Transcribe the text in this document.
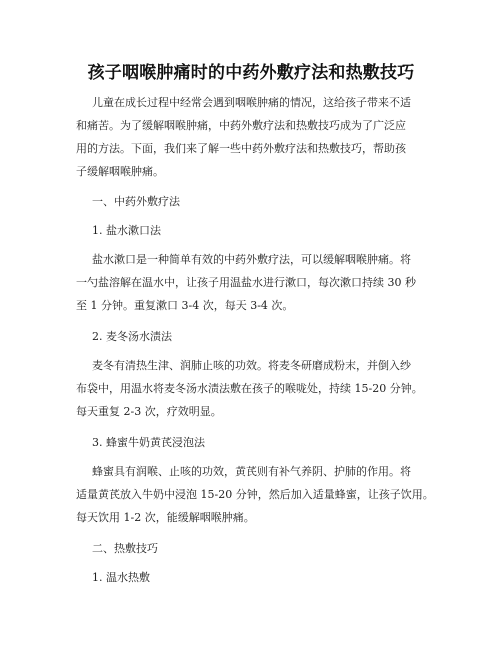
孩子咽喉肿痛时的中药外敷疗法和热敷技巧
儿童在成长过程中经常会遇到咽喉肿痛的情况，这给孩子带来不适
和痛苦。为了缓解咽喉肿痛，中药外敷疗法和热敷技巧成为了广泛应
用的方法。下面，我们来了解一些中药外敷疗法和热敷技巧，帮助孩
子缓解咽喉肿痛。
一、中药外敷疗法
1. 盐水漱口法
盐水漱口是一种简单有效的中药外敷疗法，可以缓解咽喉肿痛。将
一勺盐溶解在温水中，让孩子用温盐水进行漱口，每次漱口持续 30 秒
至 1 分钟。重复漱口 3-4 次，每天 3-4 次。
2. 麦冬汤水渍法
麦冬有清热生津、润肺止咳的功效。将麦冬研磨成粉末，并倒入纱
布袋中，用温水将麦冬汤水渍法敷在孩子的喉咙处，持续 15-20 分钟。
每天重复 2-3 次，疗效明显。
3. 蜂蜜牛奶黄芪浸泡法
蜂蜜具有润喉、止咳的功效，黄芪则有补气养阴、护肺的作用。将
适量黄芪放入牛奶中浸泡 15-20 分钟，然后加入适量蜂蜜，让孩子饮用。
每天饮用 1-2 次，能缓解咽喉肿痛。
二、热敷技巧
1. 温水热敷
